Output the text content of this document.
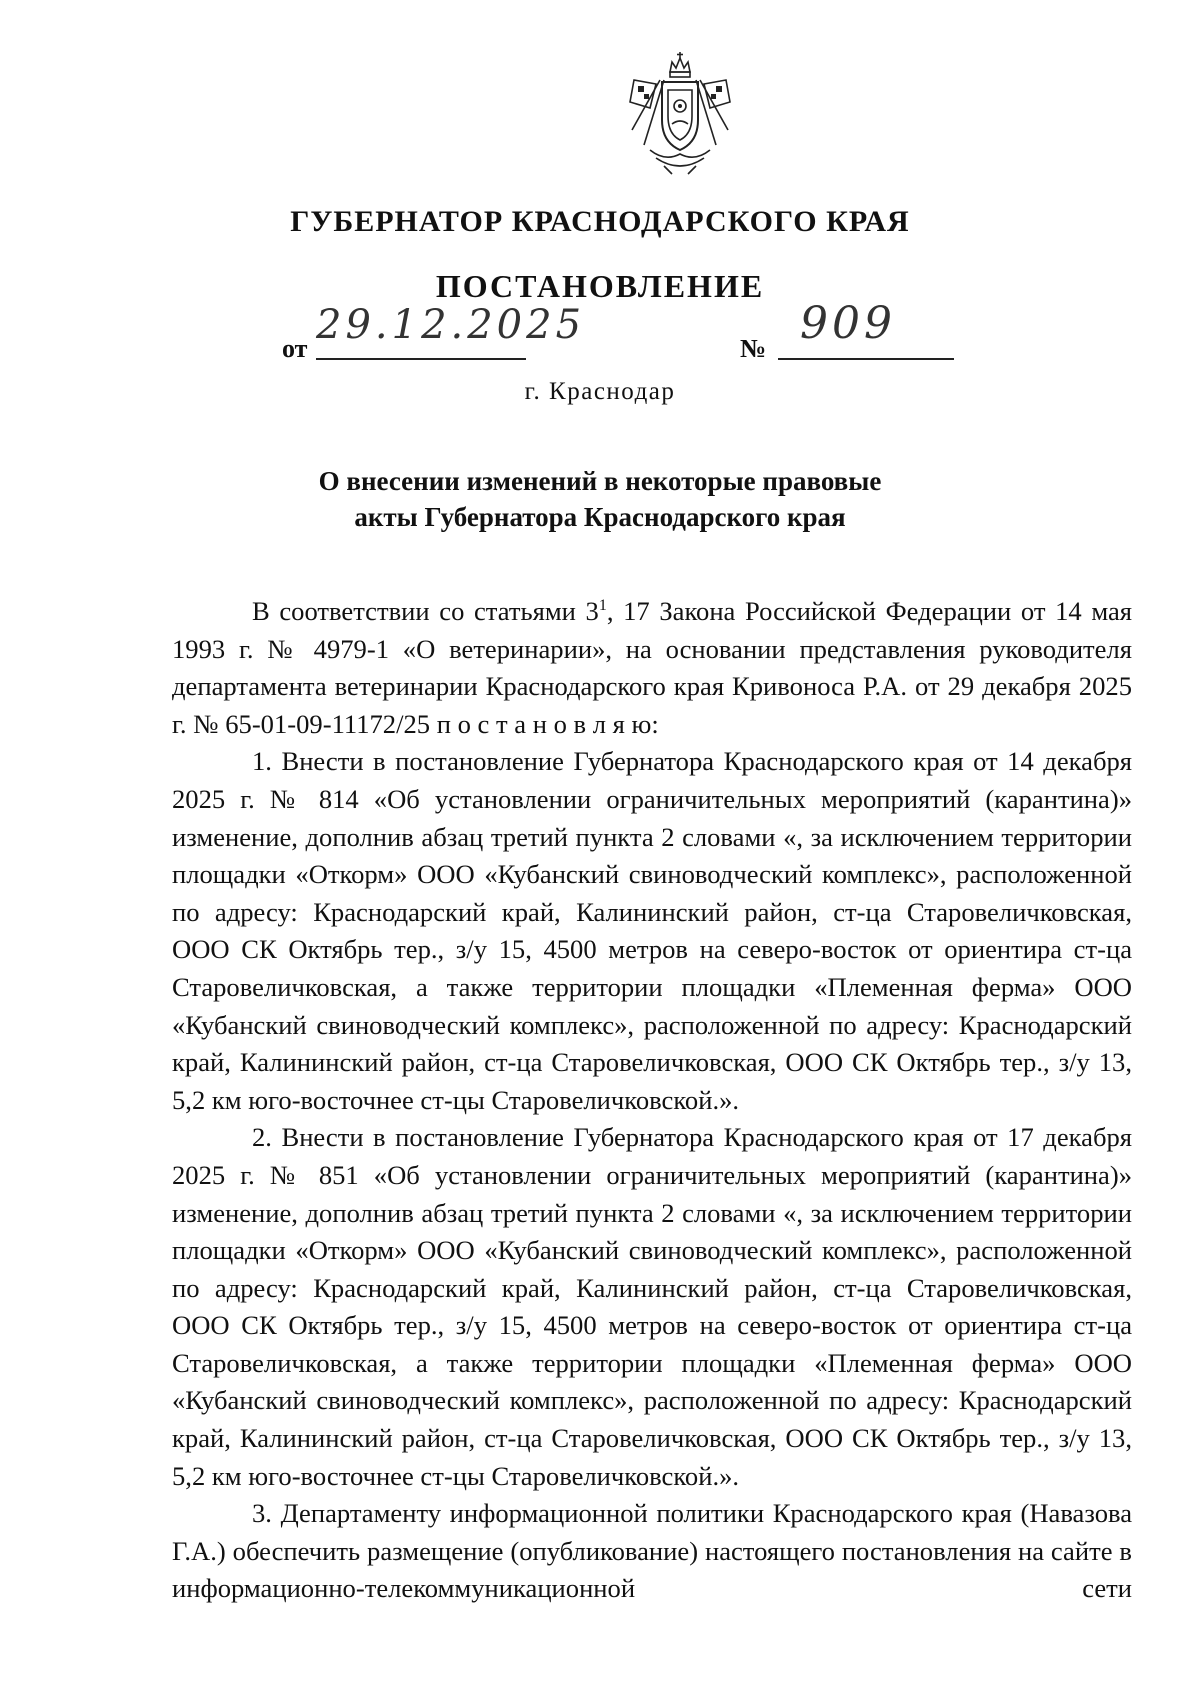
ГУБЕРНАТОР КРАСНОДАРСКОГО КРАЯ
ПОСТАНОВЛЕНИЕ
от
29.12.2025
№ 909
г. Краснодар
О внесении изменений в некоторые правовые
акты Губернатора Краснодарского края

В соответствии со статьями $3^1$, 17 Закона Российской Федерации от 14 мая 1993 г. № 4979-1 «О ветеринарии», на основании представления руководителя департамента ветеринарии Краснодарского края Кривоноса Р.А. от 29 декабря 2025 г. № 65-01-09-11172/25 п о с т а н о в л я ю:

1. Внести в постановление Губернатора Краснодарского края от 14 декабря 2025 г. № 814 «Об установлении ограничительных мероприятий (карантина)» изменение, дополнив абзац третий пункта 2 словами «, за исключением территории площадки «Откорм» ООО «Кубанский свиноводческий комплекс», расположенной по адресу: Краснодарский край, Калининский район, ст-ца Старовеличковская, ООО СК Октябрь тер., з/у 15, 4500 метров на северо-восток от ориентира ст-ца Старовеличковская, а также территории площадки «Племенная ферма» ООО «Кубанский свиноводческий комплекс», расположенной по адресу: Краснодарский край, Калининский район, ст-ца Старовеличковская, ООО СК Октябрь тер., з/у 13, 5,2 км юго-восточнее ст-цы Старовеличковской.».

2. Внести в постановление Губернатора Краснодарского края от 17 декабря 2025 г. № 851 «Об установлении ограничительных мероприятий (карантина)» изменение, дополнив абзац третий пункта 2 словами «, за исключением территории площадки «Откорм» ООО «Кубанский свиноводческий комплекс», расположенной по адресу: Краснодарский край, Калининский район, ст-ца Старовеличковская, ООО СК Октябрь тер., з/у 15, 4500 метров на северо-восток от ориентира ст-ца Старовеличковская, а также территории площадки «Племенная ферма» ООО «Кубанский свиноводческий комплекс», расположенной по адресу: Краснодарский край, Калининский район, ст-ца Старовеличковская, ООО СК Октябрь тер., з/у 13, 5,2 км юго-восточнее ст-цы Старовеличковской.».

3. Департаменту информационной политики Краснодарского края (Навазова Г.А.) обеспечить размещение (опубликование) настоящего постановления на сайте в информационно-телекоммуникационной сети
